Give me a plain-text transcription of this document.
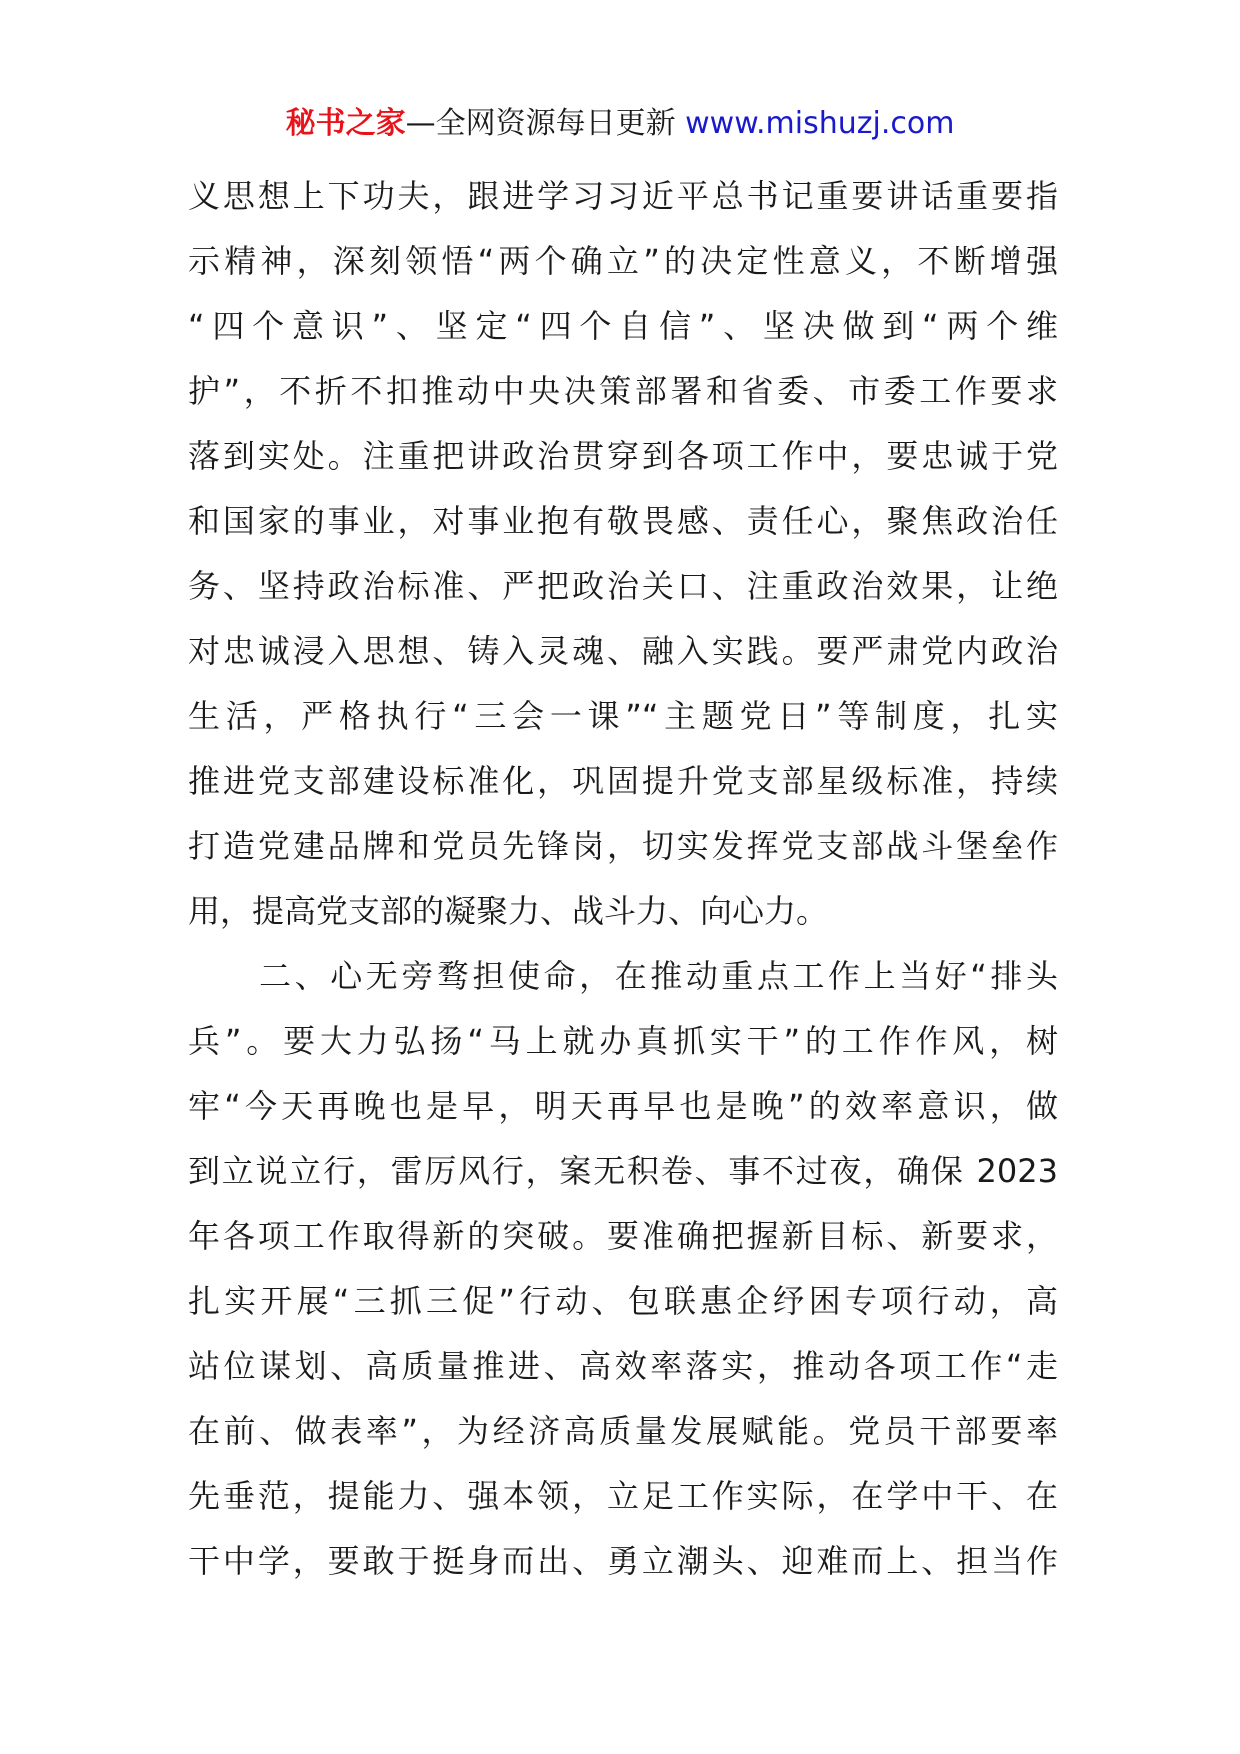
秘书之家—全网资源每日更新 www.mishuzj.com
义思想上下功夫，跟进学习习近平总书记重要讲话重要指
示精神，深刻领悟“两个确立”的决定性意义，不断增强
“四个意识”、坚定“四个自信”、坚决做到“两个维
护”，不折不扣推动中央决策部署和省委、市委工作要求
落到实处。注重把讲政治贯穿到各项工作中，要忠诚于党
和国家的事业，对事业抱有敬畏感、责任心，聚焦政治任
务、坚持政治标准、严把政治关口、注重政治效果，让绝
对忠诚浸入思想、铸入灵魂、融入实践。要严肃党内政治
生活，严格执行“三会一课”“主题党日”等制度，扎实
推进党支部建设标准化，巩固提升党支部星级标准，持续
打造党建品牌和党员先锋岗，切实发挥党支部战斗堡垒作
用，提高党支部的凝聚力、战斗力、向心力。
　　二、心无旁骛担使命，在推动重点工作上当好“排头
兵”。要大力弘扬“马上就办真抓实干”的工作作风，树
牢“今天再晚也是早，明天再早也是晚”的效率意识，做
到立说立行，雷厉风行，案无积卷、事不过夜，确保 2023
年各项工作取得新的突破。要准确把握新目标、新要求，
扎实开展“三抓三促”行动、包联惠企纾困专项行动，高
站位谋划、高质量推进、高效率落实，推动各项工作“走
在前、做表率”，为经济高质量发展赋能。党员干部要率
先垂范，提能力、强本领，立足工作实际，在学中干、在
干中学，要敢于挺身而出、勇立潮头、迎难而上、担当作
